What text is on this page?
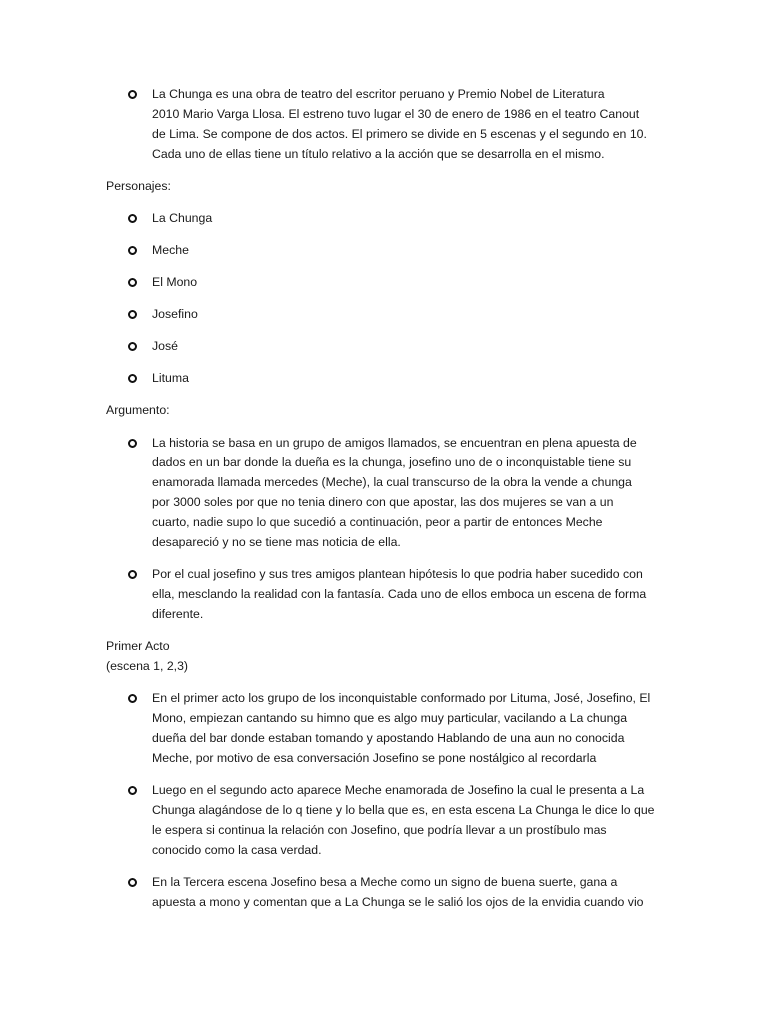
La Chunga es una obra de teatro del escritor peruano y Premio Nobel de Literatura
2010 Mario Varga Llosa. El estreno tuvo lugar el 30 de enero de 1986 en el teatro Canout
de Lima. Se compone de dos actos. El primero se divide en 5 escenas y el segundo en 10.
Cada uno de ellas tiene un título relativo a la acción que se desarrolla en el mismo.
Personajes:
La Chunga
Meche
El Mono
Josefino
José
Lituma
Argumento:
La historia se basa en un grupo de amigos llamados, se encuentran en plena apuesta de
dados en un bar donde la dueña es la chunga, josefino uno de o inconquistable tiene su
enamorada llamada mercedes (Meche), la cual transcurso de la obra la vende a chunga
por 3000 soles por que no tenia dinero con que apostar, las dos mujeres se van a un
cuarto, nadie supo lo que sucedió a continuación, peor a partir de entonces Meche
desapareció y no se tiene mas noticia de ella.
Por el cual josefino y sus tres amigos plantean hipótesis lo que podria haber sucedido con
ella, mesclando la realidad con la fantasía. Cada uno de ellos emboca un escena de forma
diferente.
Primer Acto
(escena 1, 2,3)
En el primer acto los grupo de los inconquistable conformado por Lituma, José, Josefino, El
Mono, empiezan cantando su himno que es algo muy particular, vacilando a La chunga
dueña del bar donde estaban tomando y apostando Hablando de una aun no conocida
Meche, por motivo de esa conversación Josefino se pone nostálgico al recordarla
Luego en el segundo acto aparece Meche enamorada de Josefino la cual le presenta a La
Chunga alagándose de lo q tiene y lo bella que es, en esta escena La Chunga le dice lo que
le espera si continua la relación con Josefino, que podría llevar a un prostíbulo mas
conocido como la casa verdad.
En la Tercera escena Josefino besa a Meche como un signo de buena suerte, gana a
apuesta a mono y comentan que a La Chunga se le salió los ojos de la envidia cuando vio
